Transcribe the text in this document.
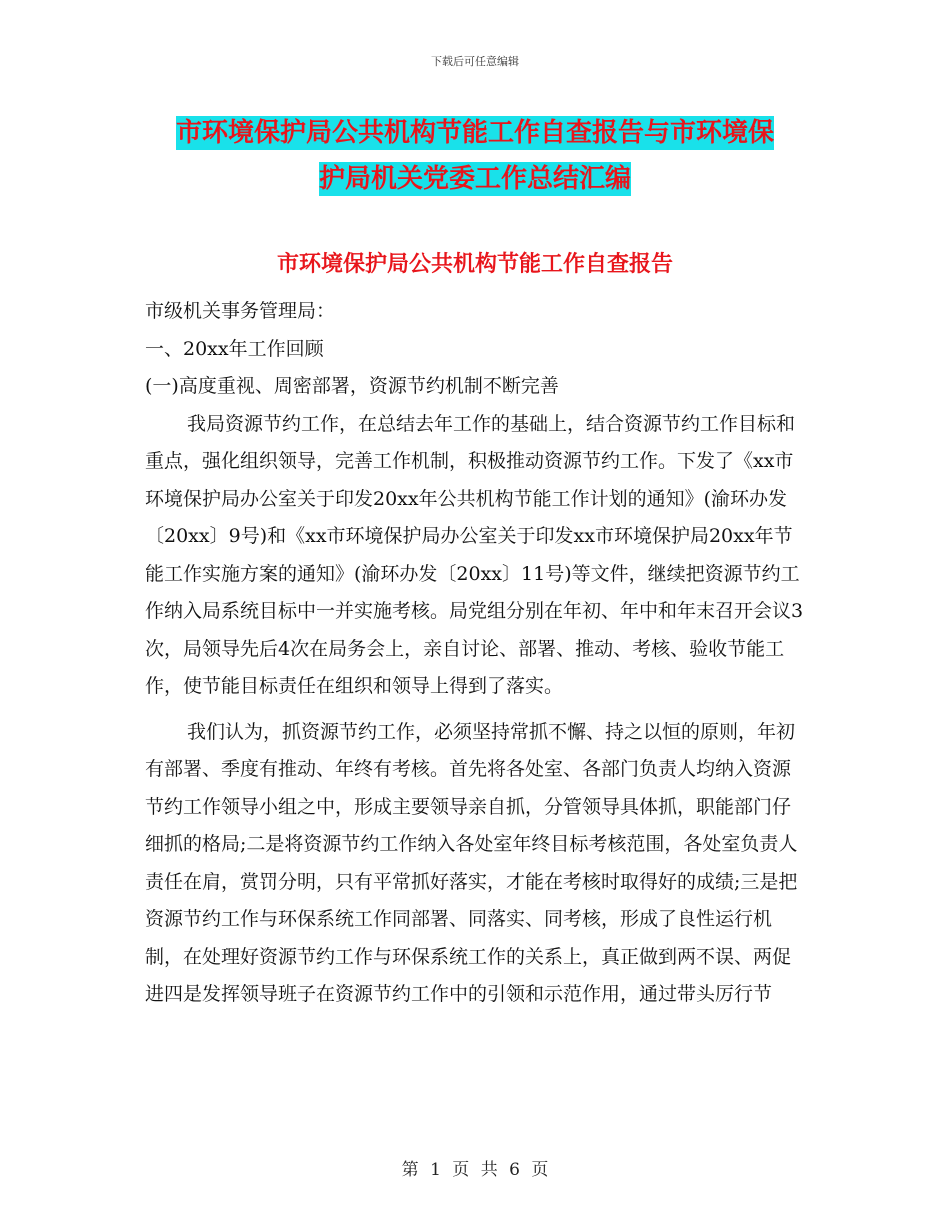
下载后可任意编辑
市环境保护局公共机构节能工作自查报告与市环境保
护局机关党委工作总结汇编
市环境保护局公共机构节能工作自查报告

市级机关事务管理局：

一、20xx年工作回顾

(一)高度重视、周密部署，资源节约机制不断完善

我局资源节约工作，在总结去年工作的基础上，结合资源节约工作目标和重点，强化组织领导，完善工作机制，积极推动资源节约工作。下发了《xx市环境保护局办公室关于印发20xx年公共机构节能工作计划的通知》(渝环办发〔20xx〕9号)和《xx市环境保护局办公室关于印发xx市环境保护局20xx年节能工作实施方案的通知》(渝环办发〔20xx〕11号)等文件，继续把资源节约工作纳入局系统目标中一并实施考核。局党组分别在年初、年中和年末召开会议3次，局领导先后4次在局务会上，亲自讨论、部署、推动、考核、验收节能工作，使节能目标责任在组织和领导上得到了落实。

我们认为，抓资源节约工作，必须坚持常抓不懈、持之以恒的原则，年初有部署、季度有推动、年终有考核。首先将各处室、各部门负责人均纳入资源节约工作领导小组之中，形成主要领导亲自抓，分管领导具体抓，职能部门仔细抓的格局;二是将资源节约工作纳入各处室年终目标考核范围，各处室负责人责任在肩，赏罚分明，只有平常抓好落实，才能在考核时取得好的成绩;三是把资源节约工作与环保系统工作同部署、同落实、同考核，形成了良性运行机制，在处理好资源节约工作与环保系统工作的关系上，真正做到两不误、两促进四是发挥领导班子在资源节约工作中的引领和示范作用，通过带头厉行节

第 1 页 共 6 页
